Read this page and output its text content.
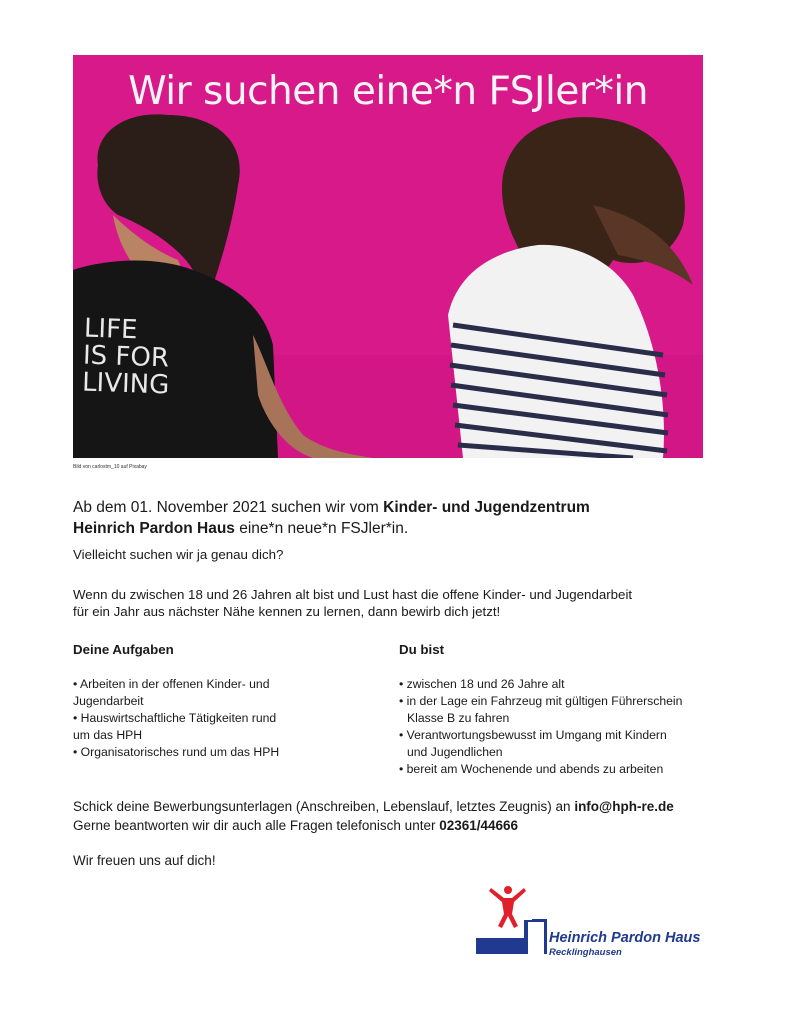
Wir suchen eine*n FSJler*in
LIFE
IS FOR
LIVING
Bild von carlostm_10 auf Pixabay
Ab dem 01. November 2021 suchen wir vom Kinder- und Jugendzentrum
Heinrich Pardon Haus eine*n neue*n FSJler*in.
Vielleicht suchen wir ja genau dich?
Wenn du zwischen 18 und 26 Jahren alt bist und Lust hast die offene Kinder- und Jugendarbeit
für ein Jahr aus nächster Nähe kennen zu lernen, dann bewirb dich jetzt!
Deine Aufgaben
• Arbeiten in der offenen Kinder- und
Jugendarbeit
• Hauswirtschaftliche Tätigkeiten rund
um das HPH
• Organisatorisches rund um das HPH
Du bist
• zwischen 18 und 26 Jahre alt
• in der Lage ein Fahrzeug mit gültigen Führerschein
Klasse B zu fahren
• Verantwortungsbewusst im Umgang mit Kindern
und Jugendlichen
• bereit am Wochenende und abends zu arbeiten
Schick deine Bewerbungsunterlagen (Anschreiben, Lebenslauf, letztes Zeugnis) an info@hph-re.de
Gerne beantworten wir dir auch alle Fragen telefonisch unter 02361/44666
Wir freuen uns auf dich!
Heinrich Pardon Haus
Recklinghausen
